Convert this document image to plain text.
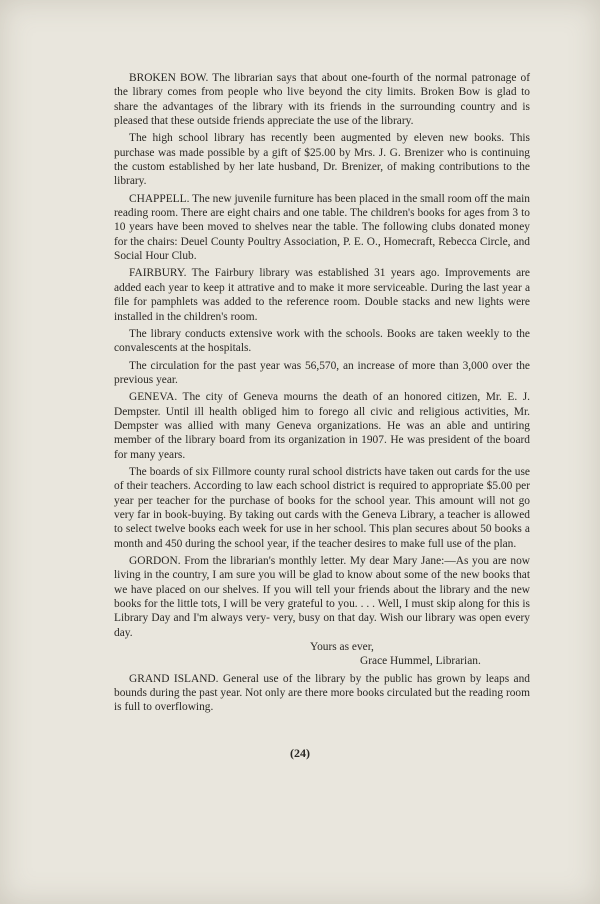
BROKEN BOW. The librarian says that about one-fourth of the normal patronage of the library comes from people who live beyond the city limits. Broken Bow is glad to share the advantages of the library with its friends in the surrounding country and is pleased that these outside friends appreciate the use of the library.

The high school library has recently been augmented by eleven new books. This purchase was made possible by a gift of $25.00 by Mrs. J. G. Brenizer who is continuing the custom established by her late husband, Dr. Brenizer, of making contributions to the library.

CHAPPELL. The new juvenile furniture has been placed in the small room off the main reading room. There are eight chairs and one table. The children's books for ages from 3 to 10 years have been moved to shelves near the table. The following clubs donated money for the chairs: Deuel County Poultry Association, P. E. O., Homecraft, Rebecca Circle, and Social Hour Club.

FAIRBURY. The Fairbury library was established 31 years ago. Improvements are added each year to keep it attrative and to make it more serviceable. During the last year a file for pamphlets was added to the reference room. Double stacks and new lights were installed in the children's room.

The library conducts extensive work with the schools. Books are taken weekly to the convalescents at the hospitals.

The circulation for the past year was 56,570, an increase of more than 3,000 over the previous year.

GENEVA. The city of Geneva mourns the death of an honored citizen, Mr. E. J. Dempster. Until ill health obliged him to forego all civic and religious activities, Mr. Dempster was allied with many Geneva organizations. He was an able and untiring member of the library board from its organization in 1907. He was president of the board for many years.

The boards of six Fillmore county rural school districts have taken out cards for the use of their teachers. According to law each school district is required to appropriate $5.00 per year per teacher for the purchase of books for the school year. This amount will not go very far in book-buying. By taking out cards with the Geneva Library, a teacher is allowed to select twelve books each week for use in her school. This plan secures about 50 books a month and 450 during the school year, if the teacher desires to make full use of the plan.

GORDON. From the librarian's monthly letter. My dear Mary Jane:—As you are now living in the country, I am sure you will be glad to know about some of the new books that we have placed on our shelves. If you will tell your friends about the library and the new books for the little tots, I will be very grateful to you. . . . Well, I must skip along for this is Library Day and I'm always very- very, busy on that day. Wish our library was open every day.

Yours as ever,

Grace Hummel, Librarian.

GRAND ISLAND. General use of the library by the public has grown by leaps and bounds during the past year. Not only are there more books circulated but the reading room is full to overflowing.

(24)
